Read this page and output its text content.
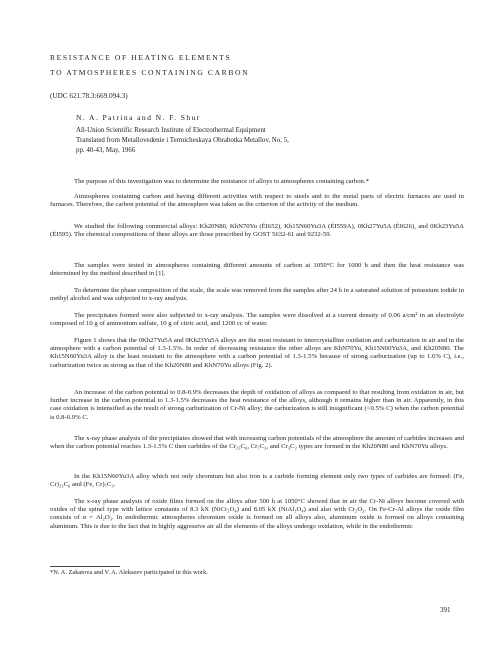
RESISTANCE OF HEATING ELEMENTS
TO ATMOSPHERES CONTAINING CARBON
(UDC 621.78.3:669.094.3)
N. A. Patrina and N. F. Shur
All-Union Scientific Research Institute of Electrothermal Equipment
Translated from Metallovedenie i Termicheskaya Obrabotka Metallov, No. 5,
pp. 40-43, May, 1966

The purpose of this investigation was to determine the resistance of alloys to atmospheres containing carbon.*

Atmospheres containing carbon and having different activities with respect to steels and to the metal parts of electric furnaces are used in furnaces. Therefore, the carbon potential of the atmosphere was taken as the criterion of the activity of the medium.

We studied the following commercial alloys: Kh20N80, KhN70Yu (ÉI652), Kh15N60Yu3A (ÉI559A), 0Kh27Yu5A (ÉI626), and 0Kh23Yu5A (ÉI595). The chemical compositions of these alloys are those prescribed by GOST 5632-61 and 9232-59.

The samples were tested in atmospheres containing different amounts of carbon at 1050°C for 1000 h and then the heat resistance was determined by the method described in [1].

To determine the phase composition of the scale, the scale was removed from the samples after 24 h in a saturated solution of potassium iodide in methyl alcohol and was subjected to x-ray analysis.

The precipitates formed were also subjected to x-ray analysis. The samples were dissolved at a current density of 0.06 a/cm² in an electrolyte composed of 10 g of ammonium sulfate, 10 g of citric acid, and 1200 cc of water.

Figure 1 shows that the 0Kh27Yu5A and 0Kh23Yu5A alloys are the most resistant to intercrystalline oxidation and carburization in air and in the atmosphere with a carbon potential of 1.3-1.5%. In order of decreasing resistance the other alloys are KhN70Yu, Kh15N60Yu3A, and Kh20N80. The Kh15N60Yu3A alloy is the least resistant to the atmosphere with a carbon potential of 1.3-1.5% because of strong carburization (up to 1.6% C), i.e., carburization twice as strong as that of the Kh20N80 and KhN70Yu alloys (Fig. 2).

An increase of the carbon potential to 0.8-0.9% decreases the depth of oxidation of alloys as compared to that resulting from oxidation in air, but further increase in the carbon potential to 1.3-1.5% decreases the heat resistance of the alloys, although it remains higher than in air. Apparently, in this case oxidation is intensified as the result of strong carburization of Cr-Ni alloy; the carburization is still insignificant (<0.5% C) when the carbon potential is 0.8-0.9% C.

The x-ray phase analysis of the precipitates showed that with increasing carbon potentials of the atmosphere the amount of carbides increases and when the carbon potential reaches 1.3-1.5% C then carbides of the Cr₂₃C₆, Cr₇C₃, and Cr₃C₂ types are formed in the Kh20N80 and KhN70Yu alloys.

In the Kh15N60Yu3A alloy which not only chromium but also iron is a carbide forming element only two types of carbides are formed: (Fe, Cr)₂₃C₆ and (Fe, Cr)₇C₃.

The x-ray phase analysis of oxide films formed on the alloys after 500 h at 1050°C showed that in air the Cr-Ni alloys become covered with oxides of the spinel type with lattice constants of 8.3 kX (NiCr₂O₄) and 8.05 kX (NiAl₂O₄) and also with Cr₂O₃. On Fe-Cr-Al alloys the oxide film consists of α = Al₂O₃. In endothermic atmospheres chromium oxide is formed on all alloys also, aluminum oxide is formed on alloys containing aluminum. This is due to the fact that in highly aggressive air all the elements of the alloys undergo oxidation, while in the endothermic

*N. A. Zakatova and V. A. Alekseev participated in this work.
391
